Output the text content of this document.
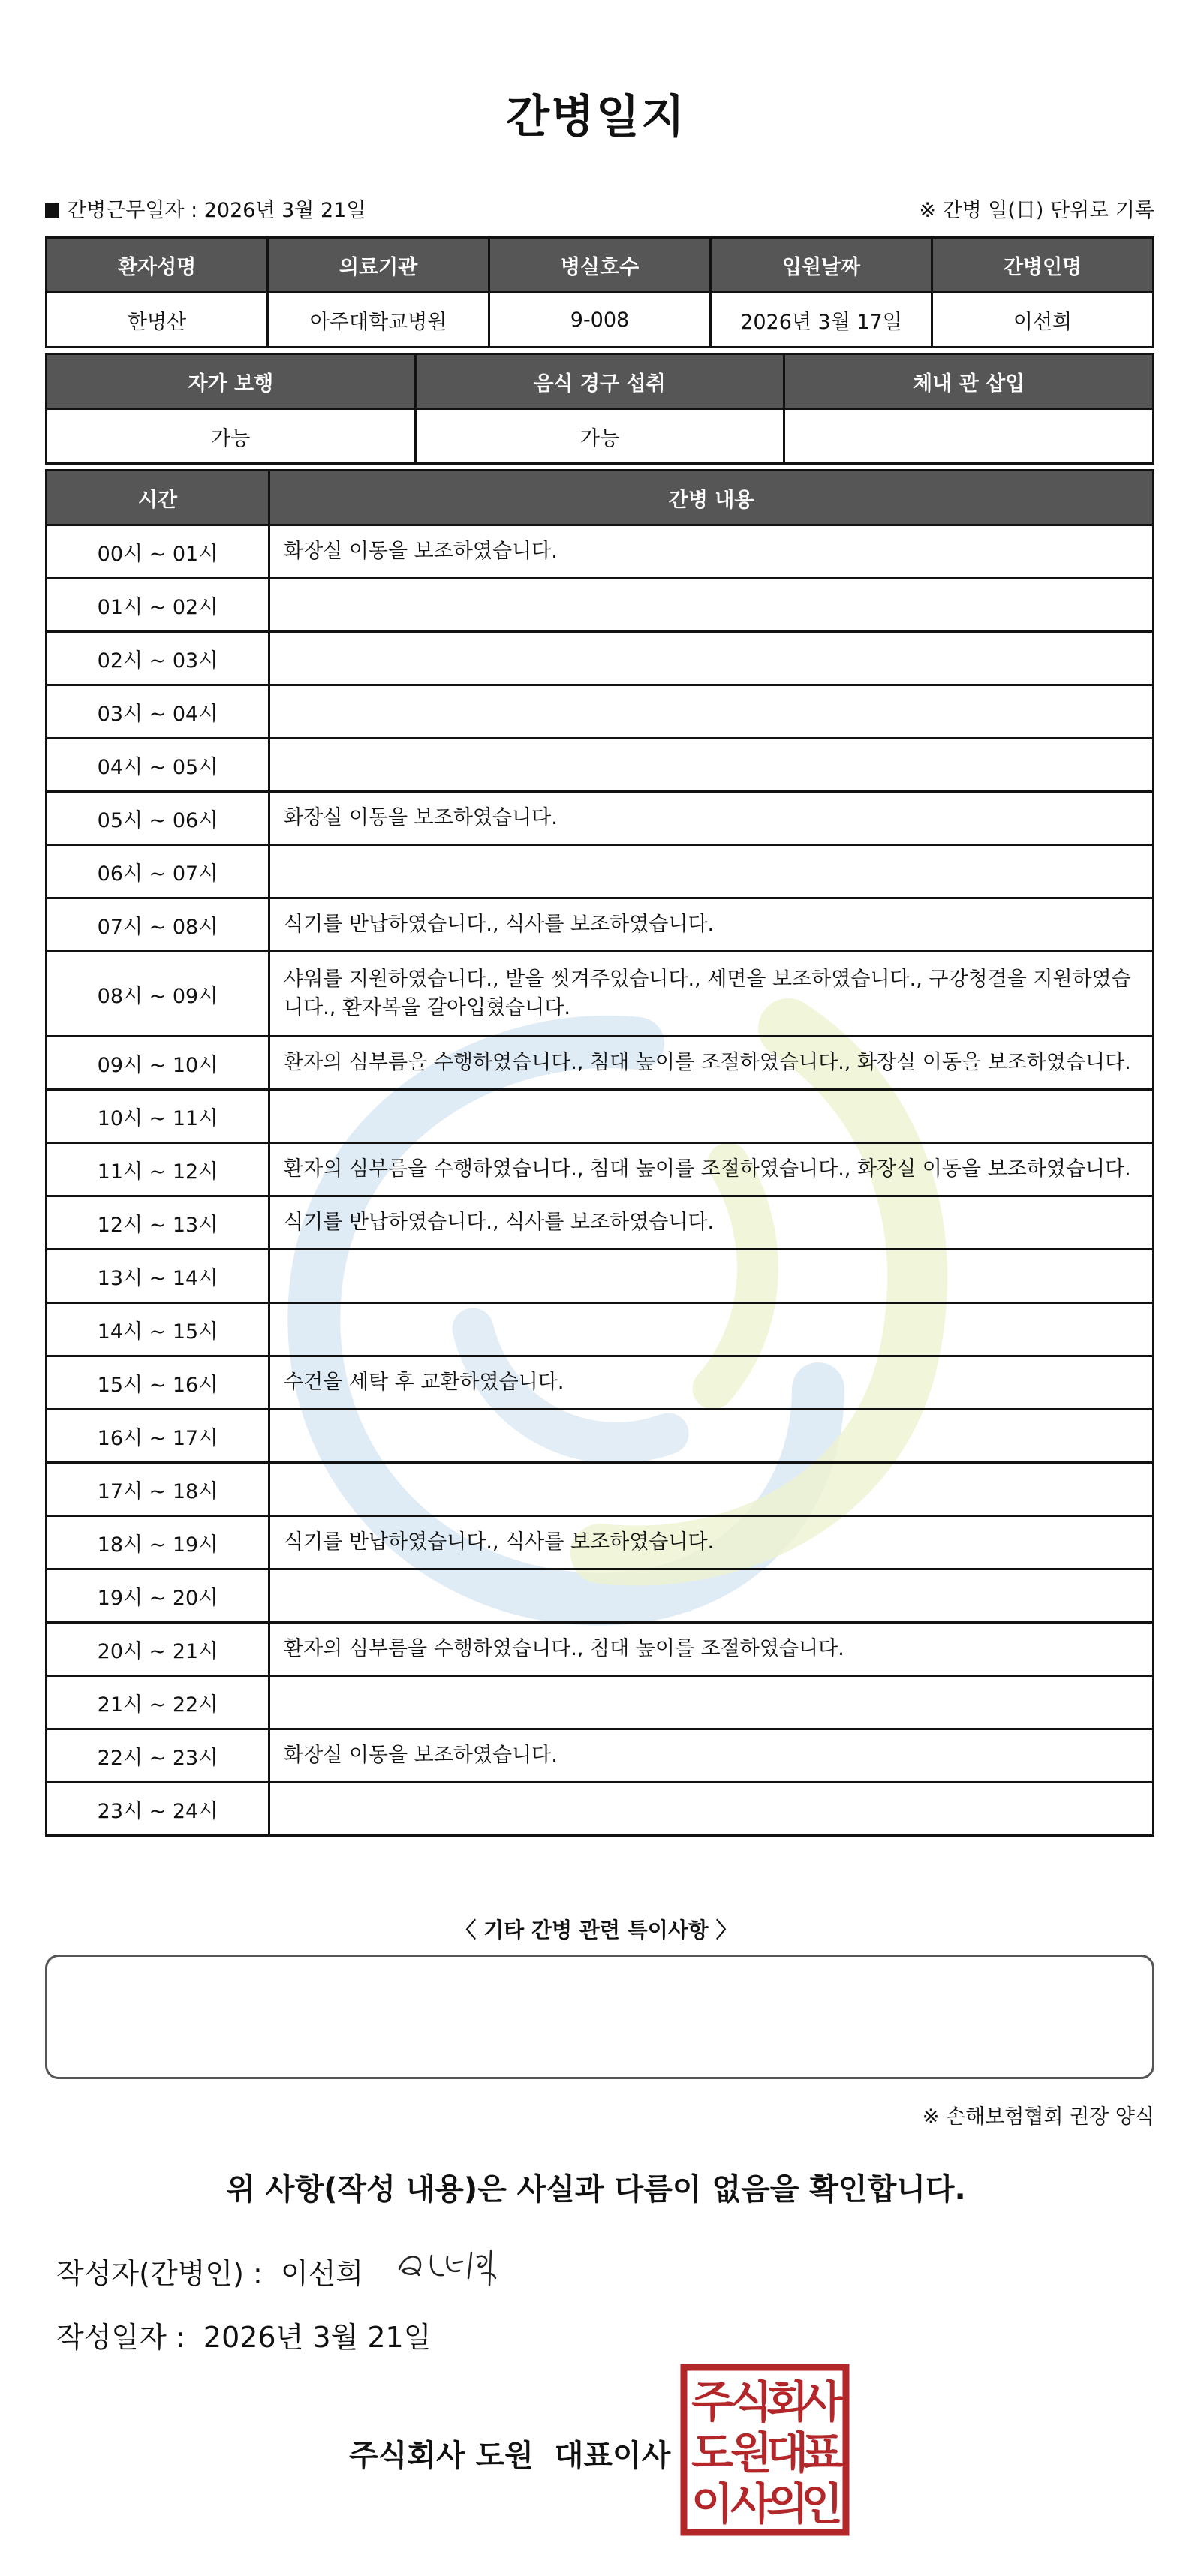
간병일지
간병근무일자 : 2026년 3월 21일	※ 간병 일(日) 단위로 기록
환자성명	의료기관	병실호수	입원날짜	간병인명
한명산	아주대학교병원	9-008	2026년 3월 17일	이선희
자가 보행	음식 경구 섭취	체내 관 삽입
가능	가능	
시간	간병 내용
00시 ~ 01시	화장실 이동을 보조하였습니다.
01시 ~ 02시	
02시 ~ 03시	
03시 ~ 04시	
04시 ~ 05시	
05시 ~ 06시	화장실 이동을 보조하였습니다.
06시 ~ 07시	
07시 ~ 08시	식기를 반납하였습니다., 식사를 보조하였습니다.
08시 ~ 09시	샤워를 지원하였습니다., 발을 씻겨주었습니다., 세면을 보조하였습니다., 구강청결을 지원하였습니다., 환자복을 갈아입혔습니다.
09시 ~ 10시	환자의 심부름을 수행하였습니다., 침대 높이를 조절하였습니다., 화장실 이동을 보조하였습니다.
10시 ~ 11시	
11시 ~ 12시	환자의 심부름을 수행하였습니다., 침대 높이를 조절하였습니다., 화장실 이동을 보조하였습니다.
12시 ~ 13시	식기를 반납하였습니다., 식사를 보조하였습니다.
13시 ~ 14시	
14시 ~ 15시	
15시 ~ 16시	수건을 세탁 후 교환하였습니다.
16시 ~ 17시	
17시 ~ 18시	
18시 ~ 19시	식기를 반납하였습니다., 식사를 보조하였습니다.
19시 ~ 20시	
20시 ~ 21시	환자의 심부름을 수행하였습니다., 침대 높이를 조절하였습니다.
21시 ~ 22시	
22시 ~ 23시	화장실 이동을 보조하였습니다.
23시 ~ 24시	
〈 기타 간병 관련 특이사항 〉
※ 손해보험협회 권장 양식
위 사항(작성 내용)은 사실과 다름이 없음을 확인합니다.
작성자(간병인) : 이선희
작성일자 : 2026년 3월 21일
주식회사 도원 대표이사
주
식
회
사
도
원
대
표
이
사
의
인
